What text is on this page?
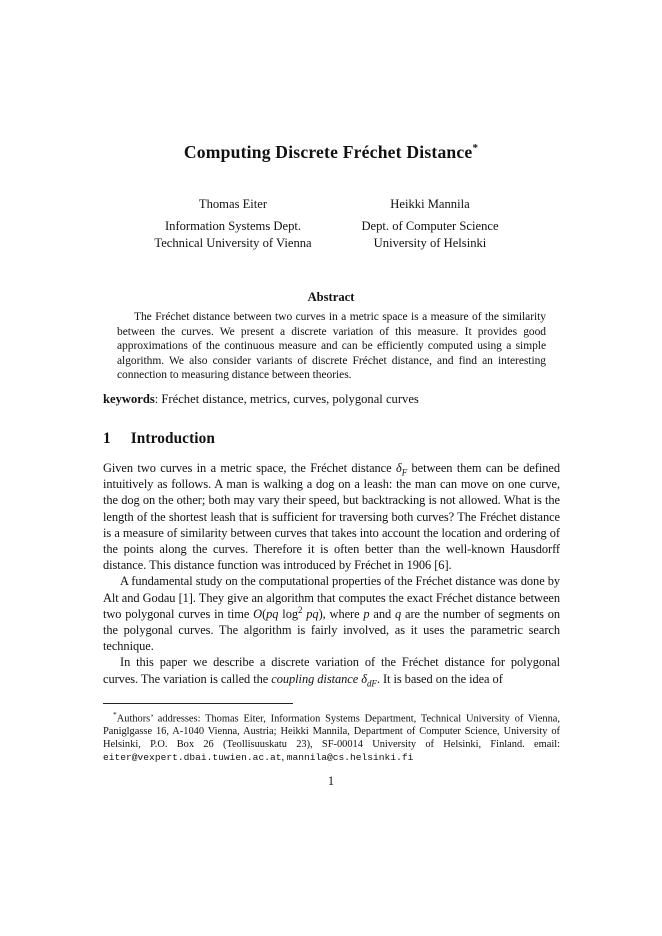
Computing Discrete Fréchet Distance*
Thomas Eiter
Information Systems Dept.
Technical University of Vienna
Heikki Mannila
Dept. of Computer Science
University of Helsinki
Abstract

The Fréchet distance between two curves in a metric space is a measure of the similarity between the curves. We present a discrete variation of this measure. It provides good approximations of the continuous measure and can be efficiently computed using a simple algorithm. We also consider variants of discrete Fréchet distance, and find an interesting connection to measuring distance between theories.

keywords: Fréchet distance, metrics, curves, polygonal curves

1 Introduction

Given two curves in a metric space, the Fréchet distance $\delta_F$ between them can be defined intuitively as follows. A man is walking a dog on a leash: the man can move on one curve, the dog on the other; both may vary their speed, but backtracking is not allowed. What is the length of the shortest leash that is sufficient for traversing both curves? The Fréchet distance is a measure of similarity between curves that takes into account the location and ordering of the points along the curves. Therefore it is often better than the well-known Hausdorff distance. This distance function was introduced by Fréchet in 1906 [6].

A fundamental study on the computational properties of the Fréchet distance was done by Alt and Godau [1]. They give an algorithm that computes the exact Fréchet distance between two polygonal curves in time O(pq $\log^2 pq$), where p and q are the number of segments on the polygonal curves. The algorithm is fairly involved, as it uses the parametric search technique.

In this paper we describe a discrete variation of the Fréchet distance for polygonal curves. The variation is called the coupling distance $\delta_{dF}$. It is based on the idea of

*Authors’ addresses: Thomas Eiter, Information Systems Department, Technical University of Vienna, Paniglgasse 16, A-1040 Vienna, Austria; Heikki Mannila, Department of Computer Science, University of Helsinki, P.O. Box 26 (Teollisuuskatu 23), SF-00014 University of Helsinki, Finland. email: eiter@vexpert.dbai.tuwien.ac.at, mannila@cs.helsinki.fi

1
